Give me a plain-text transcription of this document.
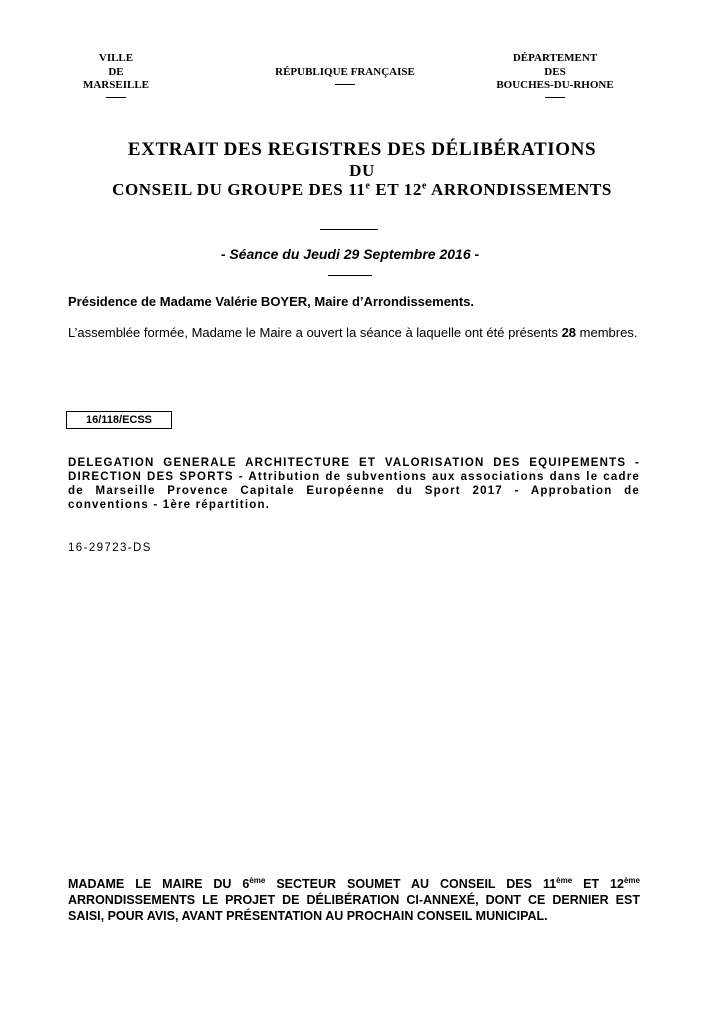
VILLE
DE
MARSEILLE
RÉPUBLIQUE FRANÇAISE
DÉPARTEMENT
DES
BOUCHES-DU-RHONE
EXTRAIT DES REGISTRES DES DÉLIBÉRATIONS
DU
CONSEIL DU GROUPE DES 11e ET 12e ARRONDISSEMENTS
- Séance du Jeudi 29 Septembre 2016 -
Présidence de Madame Valérie BOYER, Maire d’Arrondissements.
L’assemblée formée, Madame le Maire a ouvert la séance à laquelle ont été présents 28 membres.
16/118/ECSS
DELEGATION GENERALE ARCHITECTURE ET VALORISATION DES EQUIPEMENTS - DIRECTION DES SPORTS - Attribution de subventions aux associations dans le cadre de Marseille Provence Capitale Européenne du Sport 2017 - Approbation de conventions - 1ère répartition.
16-29723-DS
MADAME LE MAIRE DU 6ème SECTEUR SOUMET AU CONSEIL DES 11ème ET 12ème ARRONDISSEMENTS LE PROJET DE DÉLIBÉRATION CI-ANNEXÉ, DONT CE DERNIER EST SAISI, POUR AVIS, AVANT PRÉSENTATION AU PROCHAIN CONSEIL MUNICIPAL.
